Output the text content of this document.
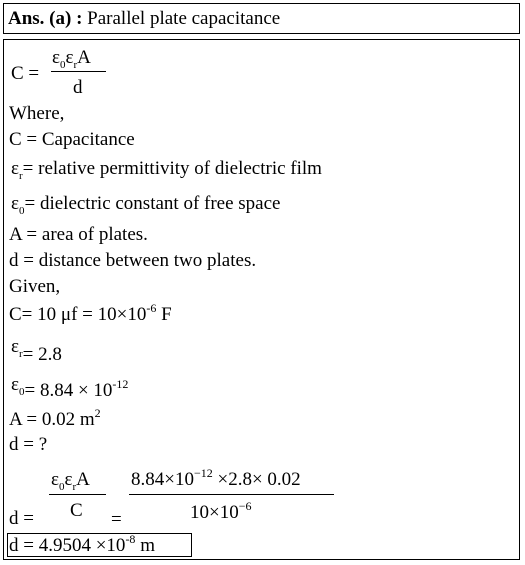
Ans. (a) : Parallel plate capacitance
C =
$\varepsilon_0\varepsilon_rA$
d
Where,
C = Capacitance
$\varepsilon_r=$ relative permittivity of dielectric film
$\varepsilon_0=$ dielectric constant of free space
A = area of plates.
d = distance between two plates.
Given,
C= 10 $\mu f = 10\times 10^{-6}$ F
εr= 2.8
$\varepsilon 0= 8.84 \times 10^{-12}$
A = 0.02 $m^2$
d = ?
d =
$\varepsilon_0\varepsilon_rA$
C =
$8.84\times 10^{-12} \times 2.8\times 0.02$
$10\times 10^{-6}$
$d = 4.9504 \times 10^{-8}$ m
